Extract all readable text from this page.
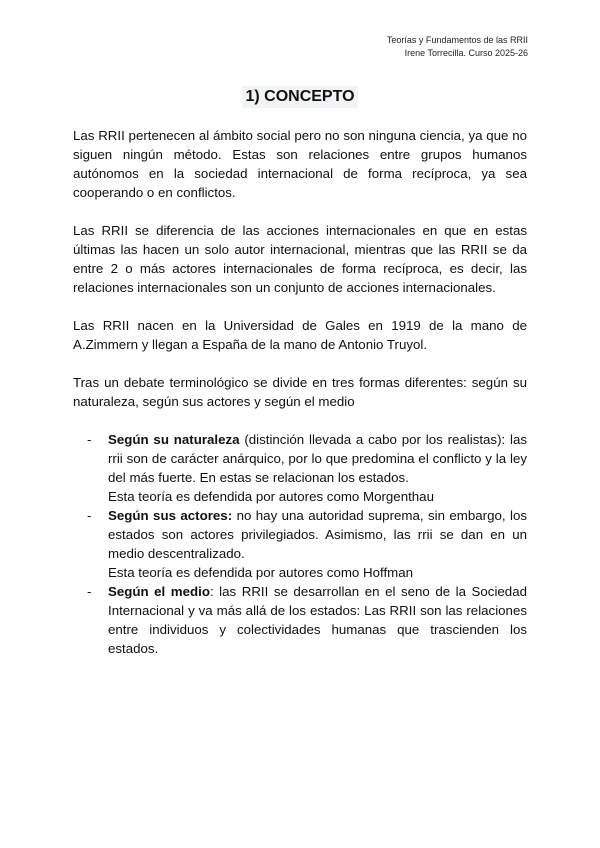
Teorías y Fundamentos de las RRII
Irene Torrecilla. Curso 2025-26
1) CONCEPTO

Las RRII pertenecen al ámbito social pero no son ninguna ciencia, ya que no siguen ningún método. Estas son relaciones entre grupos humanos autónomos en la sociedad internacional de forma recíproca, ya sea cooperando o en conflictos.

Las RRII se diferencia de las acciones internacionales en que en estas últimas las hacen un solo autor internacional, mientras que las RRII se da entre 2 o más actores internacionales de forma recíproca, es decir, las relaciones internacionales son un conjunto de acciones internacionales.

Las RRII nacen en la Universidad de Gales en 1919 de la mano de A.Zimmern y llegan a España de la mano de Antonio Truyol.

Tras un debate terminológico se divide en tres formas diferentes: según su naturaleza, según sus actores y según el medio

- Según su naturaleza (distinción llevada a cabo por los realistas): las rrii son de carácter anárquico, por lo que predomina el conflicto y la ley del más fuerte. En estas se relacionan los estados.
Esta teoría es defendida por autores como Morgenthau
- Según sus actores: no hay una autoridad suprema, sin embargo, los estados son actores privilegiados. Asimismo, las rrii se dan en un medio descentralizado.
Esta teoría es defendida por autores como Hoffman
- Según el medio: las RRII se desarrollan en el seno de la Sociedad Internacional y va más allá de los estados: Las RRII son las relaciones entre individuos y colectividades humanas que trascienden los estados.
